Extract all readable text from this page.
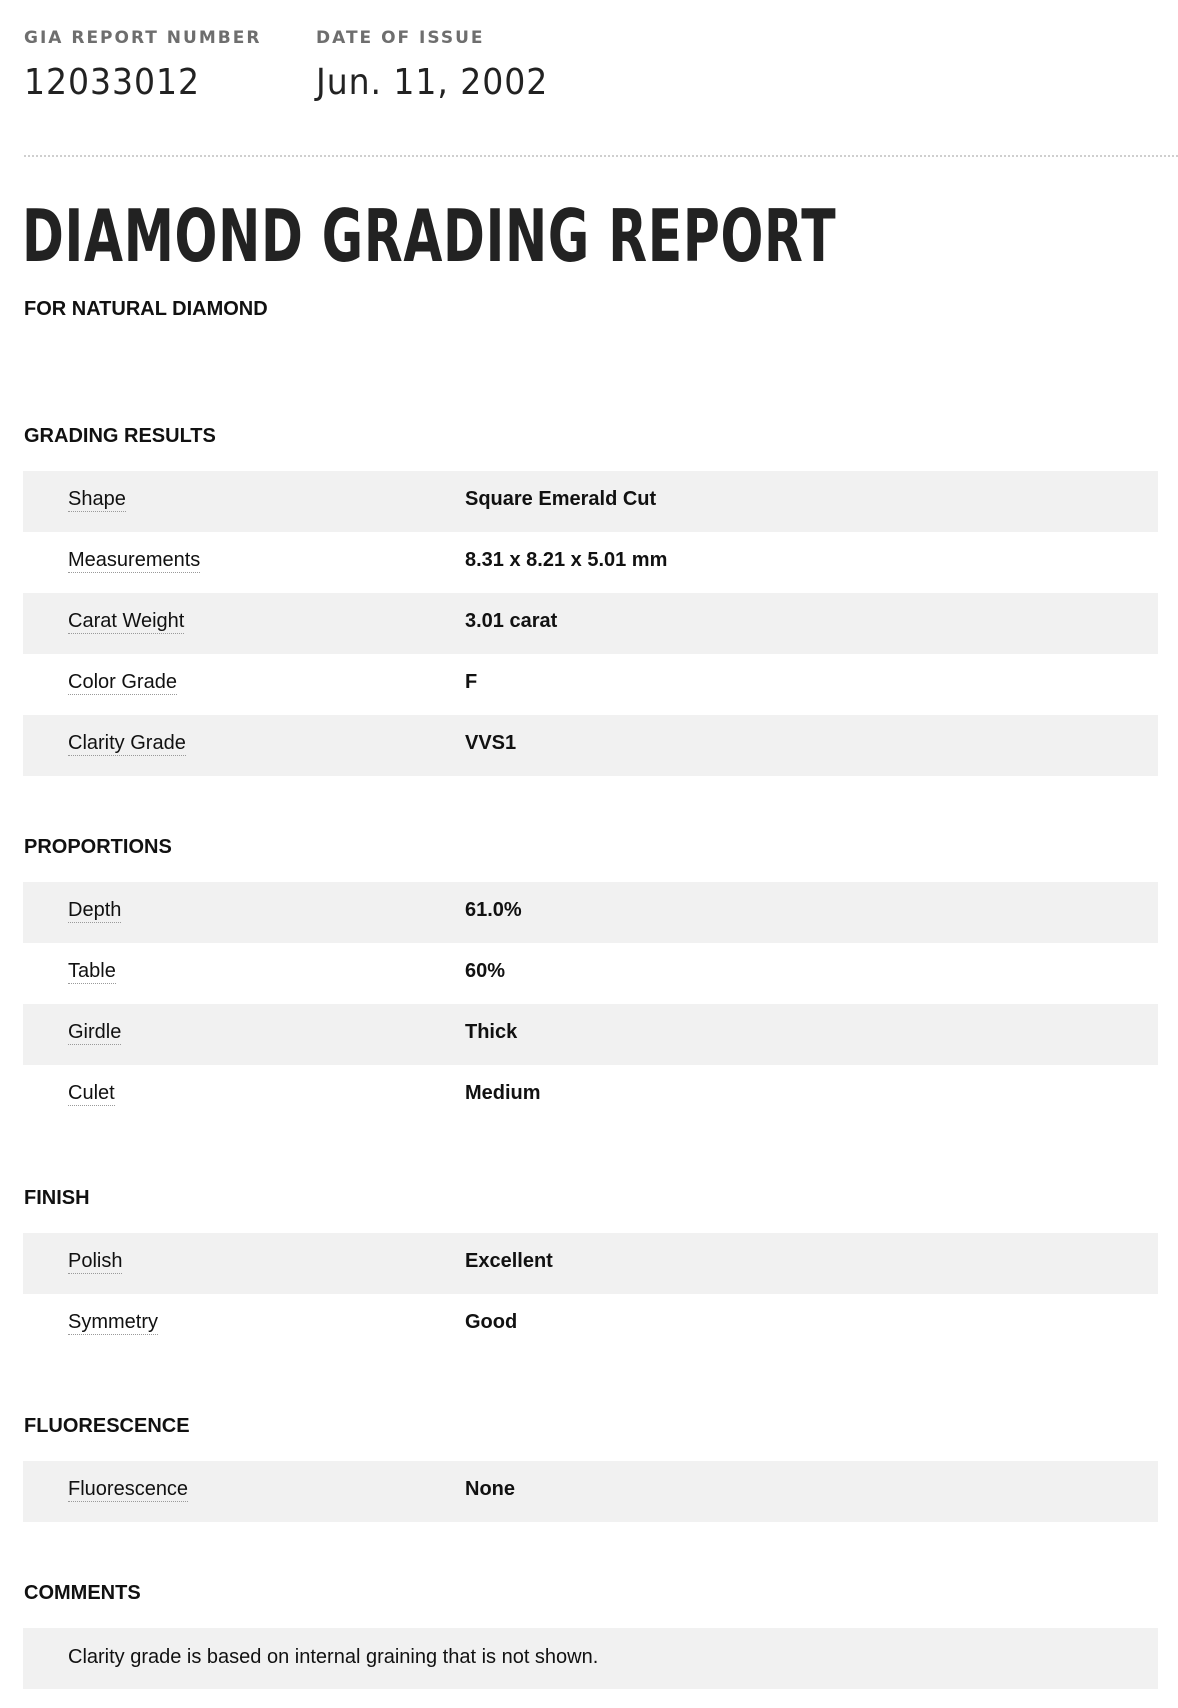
GIA REPORT NUMBER
12033012
DATE OF ISSUE
Jun. 11, 2002
DIAMOND GRADING REPORT
FOR NATURAL DIAMOND
GRADING RESULTS
Shape	Square Emerald Cut
Measurements	8.31 x 8.21 x 5.01 mm
Carat Weight	3.01 carat
Color Grade	F
Clarity Grade	VVS1
PROPORTIONS
Depth	61.0%
Table	60%
Girdle	Thick
Culet	Medium
FINISH
Polish	Excellent
Symmetry	Good
FLUORESCENCE
Fluorescence	None
COMMENTS
Clarity grade is based on internal graining that is not shown.
